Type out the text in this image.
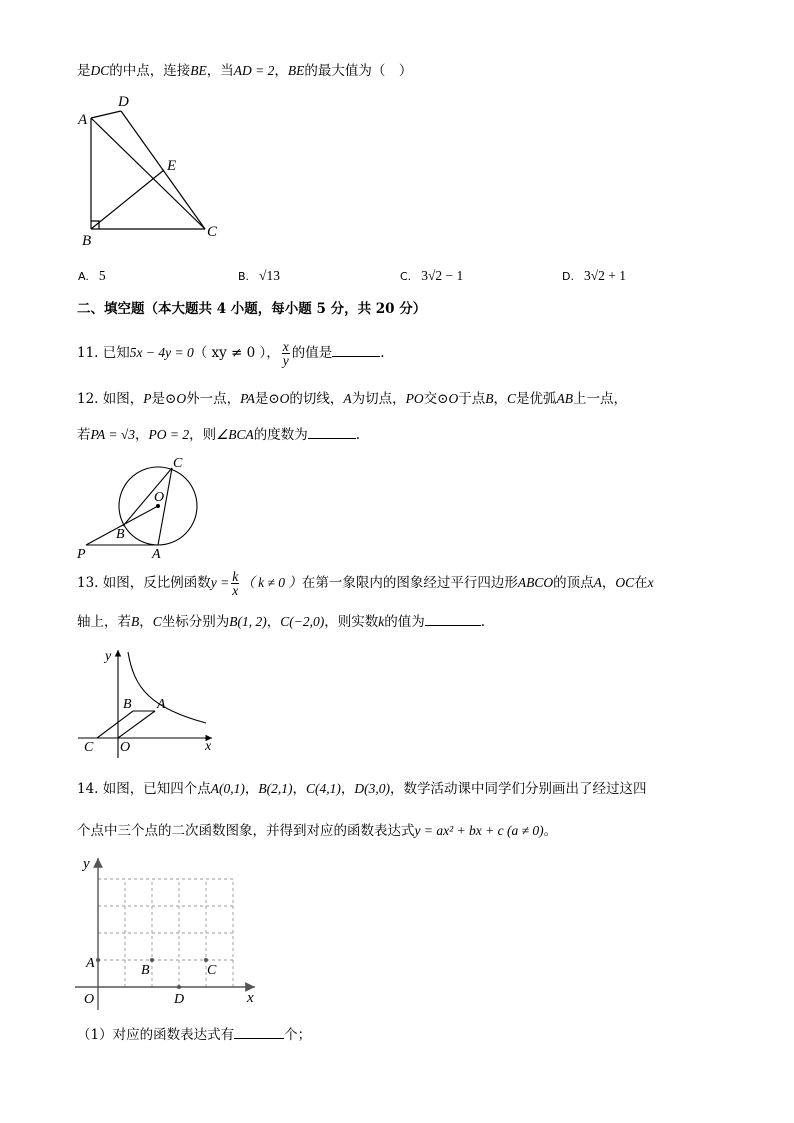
是DC的中点，连接BE，当AD = 2，BE的最大值为（　）
A
D
E
B
C
A. 5	B. √13	C. 3√2 − 1	D. 3√2 + 1
二、填空题（本大题共 4 小题，每小题 5 分，共 20 分）
11. 已知5x − 4y = 0（ xy ≠ 0 ）， $\frac{x}{y}$ 的值是	.
12. 如图，P是⊙O外一点，PA是⊙O的切线，A为切点，PO交⊙O于点B，C是优弧AB上一点，
若PA = √3，PO = 2，则∠BCA的度数为	.
C
O
B
P	A
13. 如图，反比例函数$y = \frac{k}{x}$ （ k ≠ 0 ）在第一象限内的图象经过平行四边形ABCO的顶点A，OC在x
轴上，若B，C坐标分别为B(1, 2)，C(−2,0)，则实数k的值为	.
y
B A
C O	x
14. 如图，已知四个点A(0,1)，B(2,1)，C(4,1)，D(3,0)，数学活动课中同学们分别画出了经过这四
个点中三个点的二次函数图象，并得到对应的函数表达式y = ax² + bx + c (a ≠ 0)。
y
A	B	C
O	D	x
（1）对应的函数表达式有	个；
